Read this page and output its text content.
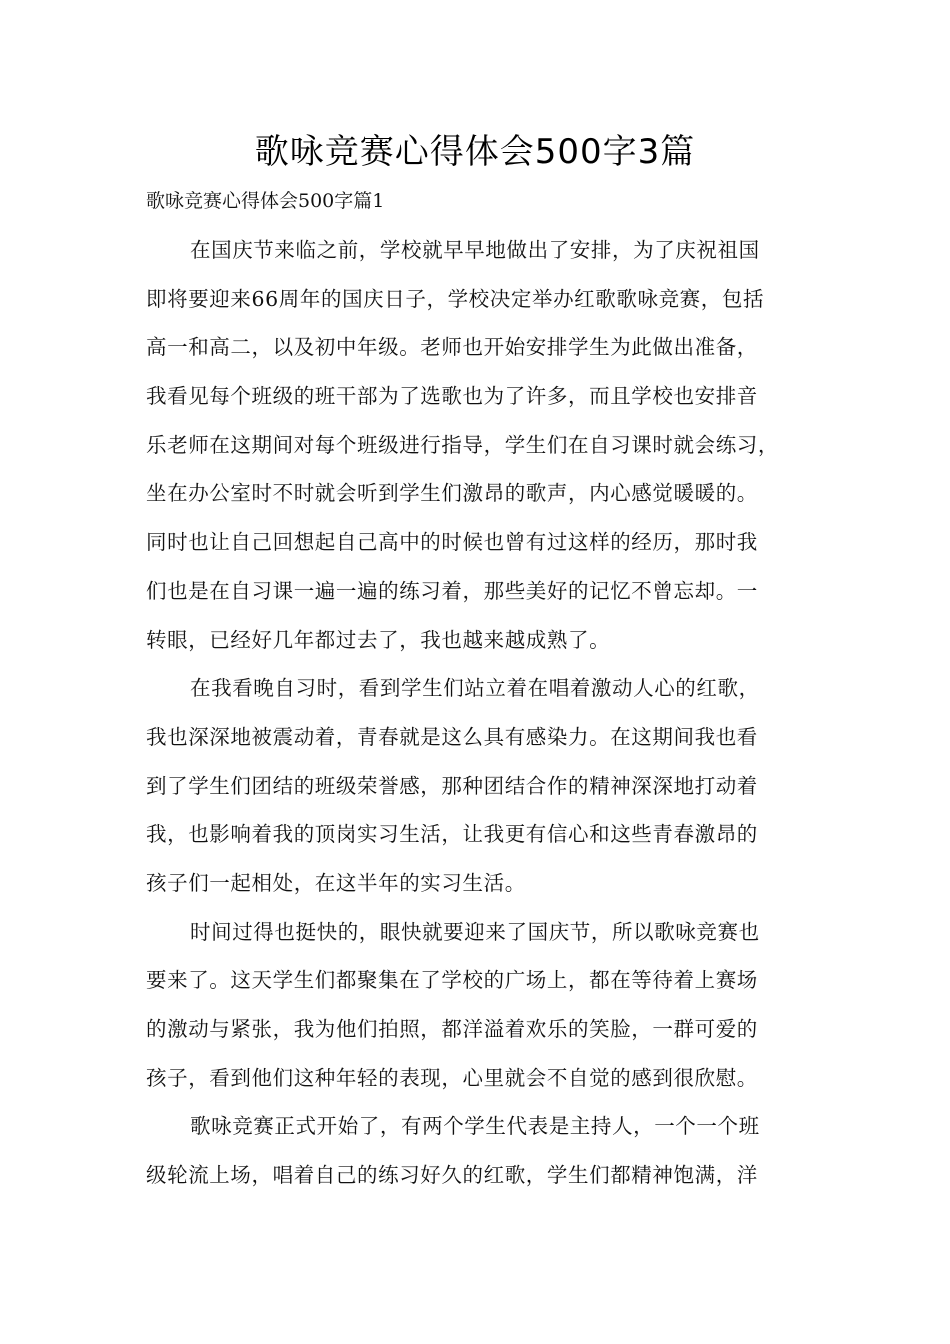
歌咏竞赛心得体会500字3篇

歌咏竞赛心得体会500字篇1

在国庆节来临之前，学校就早早地做出了安排，为了庆祝祖国
即将要迎来66周年的国庆日子，学校决定举办红歌歌咏竞赛，包括
高一和高二，以及初中年级。老师也开始安排学生为此做出准备，
我看见每个班级的班干部为了选歌也为了许多，而且学校也安排音
乐老师在这期间对每个班级进行指导，学生们在自习课时就会练习，
坐在办公室时不时就会听到学生们激昂的歌声，内心感觉暖暖的。
同时也让自己回想起自己高中的时候也曾有过这样的经历，那时我
们也是在自习课一遍一遍的练习着，那些美好的记忆不曾忘却。一
转眼，已经好几年都过去了，我也越来越成熟了。
在我看晚自习时，看到学生们站立着在唱着激动人心的红歌，
我也深深地被震动着，青春就是这么具有感染力。在这期间我也看
到了学生们团结的班级荣誉感，那种团结合作的精神深深地打动着
我，也影响着我的顶岗实习生活，让我更有信心和这些青春激昂的
孩子们一起相处，在这半年的实习生活。
时间过得也挺快的，眼快就要迎来了国庆节，所以歌咏竞赛也
要来了。这天学生们都聚集在了学校的广场上，都在等待着上赛场
的激动与紧张，我为他们拍照，都洋溢着欢乐的笑脸，一群可爱的
孩子，看到他们这种年轻的表现，心里就会不自觉的感到很欣慰。
歌咏竞赛正式开始了，有两个学生代表是主持人，一个一个班
级轮流上场，唱着自己的练习好久的红歌，学生们都精神饱满，洋
